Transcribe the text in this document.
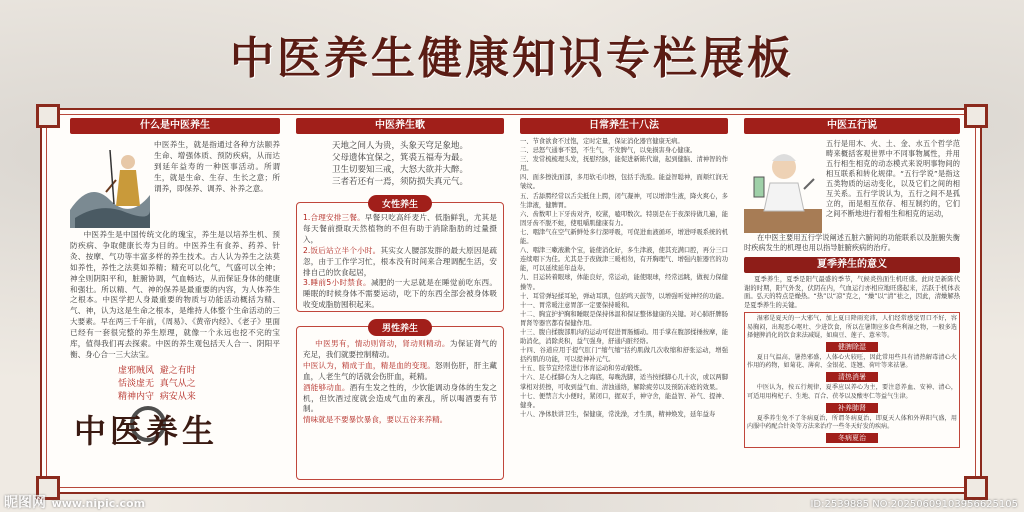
中医养生健康知识专栏展板
什么是中医养生
中医养生，就是指通过各种方法颐养生命、增强体质、预防疾病，从而达到延年益寿的一种医事活动。所谓生，就是生命、生存、生长之意；所谓养，即保养、调养、补养之意。
中医养生是中国传统文化的瑰宝，养生是以培养生机、预防疾病、争取健康长寿为目的。中医养生有食养、药养、针灸、按摩、气功等丰富多样的养生技术。古人认为养生之法莫如养性，养性之法莫如养精；精充可以化气，气盛可以全神；神全则阴阳平和，脏腑协调，气血畅达，从而保证身体的健康和强壮。所以精、气、神的保养是最重要的内容，为人体养生之根本。中医学把人身最重要的物质与功能活动概括为精、气、神，认为这是生命之根本，是维持人体整个生命活动的三大要素。早在两三千年前，《周易》、《黄帝内经》、《老子》里面已经有一套很完整的养生原理，就像一个永远也挖不完的宝库，值得我们再去探索。中医的养生观包括天人合一、阴阳平衡、身心合一三大法宝。
虚邪贼风 避之有时
恬淡虚无 真气从之
精神内守 病安从来
中医养生
中医养生歌
天地之间人为贵，头象天穹足象地。
父母遗体宜保之，箕裘五福寿为最。
卫生切要知三戒，大怒大欲并大醉。
三者若还有一焉，须防损失真元气。
女性养生
1.合理安排三餐。早餐只吃高纤麦片、低脂鲜乳，尤其是每天餐前摄取天然植物的不但有助于消除脂肪的过量摄入，
2.饭后站立半个小时。其实女人腰部发胖的最大原因是疏忽，由于工作学习忙，根本没有时间来合理调配生活，安排自己的饮食起居，
3.睡前5小时禁食。减肥的一大忌就是在睡觉前吃东西。睡眠的时候身体不需要运动，吃下的东西全部会被身体吸收变成脂肪囤积起来。
男性养生
中医男有，情动则肾动，肾动则精动。为保证肾气的充足，我们就要控制精动。
中医认为，精成于血，精是血的变现。怒则伤肝，肝主藏血，人老生气的话就会伤肝血，耗精。
酒能够动血。酒有生发之性的，少饮能调动身体的生发之机，但饮酒过度就会造成气血的紊乱，所以喝酒要有节制。
情味就是不要暴饮暴食，要以五谷来养精。
日常养生十八法
一、节食欲食不过饱，定时定量，保证消化器官健康无病。
二、忌怒气通事不怒，不生气，不发脾气，以免损害身心健康。
三、发常梳梳理头发，抚慰经脉，能促进新陈代谢，起到健脑、清神智的作用。
四、面多擦洗面部，多用软毛巾擦，包括手洗脸。能益智聪神，面颊红润无皱纹。
五、舌舔腭经常以舌尖抵住上腭，闭气凝神，可以增津生液，降火爽心，多生津液，健脾胃。
六、齿数叩上下牙齿对齐，咬紧，嗑叩数次。特别是在于夜深待做几遍，能固牙齿不脱不蛀，使咀嚼肌健康有力。
七、咽津气在空气新鲜处多行深呼吸，可促进血液循环，增进呼吸系统的机能。
八、咽津三嗽液漱个宝，能使消化好，多生津液，使其充满口腔，再分三口连续咽下为佳。尤其是于夜做津三暖相勿，有开胸理气、增强内脏器官的功能，可以延续延年益寿。
九、目运转着眼球，体能良好，常运动，能使眼球，经常远眺，做视力保健操等。
十、耳常弹轻揉耳轮，弹动耳肌，包括鸣天鼓等，以增强听觉神经的功能。
十一、胃常暖注意胃部一定要保持暖和。
十二、胸宜护护胸和睡眠是保持体温和保证整体健康的关键。对心肺肝脾肠胃肾等器官都有保健作用。
十三、腹自揉腹部肌肉的运动可促进胃肠蠕动。用手掌在腹部揉捶按摩，能助消化，消除炎积，益气强身，舒通内脏经络。
十四、谷道应用于提气肛门“缩气缩”括约肌做几次收缩和舒张运动，增强括约肌的功能，可以提神补元气。
十五、肢节宜经常进行体育运动和劳动锻炼。
十六、足心揉脚心为人之海底，每晚洗脚，适当按揉脚心几十次，或以两脚掌相对搓擦，可收到益气血、清浊通络，解除疲劳以及预防冻疮的效果。
十七、便禁言大小便时，紧闭口，握双手，神守舍，能益智、补气、提神、健身。
十八、净体肤讲卫生，保健康，常洗澡，才生肌，精神焕发，延年益寿
中医五行说
五行是用木、火、土、金、水五个哲学范畴来概括客观世界中不同事物属性，并用五行相生相克的动态模式来说明事物间的相互联系和转化规律。“五行学说”是指这五类物质的运动变化，以及它们之间的相互关系。五行学说认为，五行之间不是孤立的，而是相互依存、相互制约的，它们之间不断地进行着相生和相克的运动，
在中医主要用五行学说阐述五脏六腑间的功能联系以及脏腑失衡时疾病发生的机理也用以指导脏腑疾病的治疗。
夏季养生的意义
夏季养生，夏季是阳气最盛的季节，气候炎热面生机旺盛。此时是新陈代谢的时期，阳气外发，伏阴在内，气血运行亦相应地旺盛起来，活跃于机体表面。弘天的特点是燥热。“热”以“凉”克之，“燥”以“清”祛之，因此，清燥解热是夏季养生的关键。
湿邪是夏天的一大邪气，加上夏日降雨充沛，人们经常感觉胃口不好，容易胸闷，出现恶心呕吐、少进饮食，所以在暑期应多食些利湿之物，一般多选择健脾消化的饮食来法减疑，如扁豆、莲子、薏米等。
健脾除湿
夏日气温高，暑热邪盛，人体心火较旺，因此常用些具有清热解毒清心火作用的药物，如菊花、薄荷、金银花、连翘、荷叶等来祛暑。
清热消暑
中医认为，按五行规律，夏季应以养心为主，要注意养血、安神、清心，可适用用枸杞子、生地、百合、茯苓以及酸枣仁等益气生津。
补养肺肾
夏季养生免不了冬病夏治，所谓冬病夏治，即夏天人体和外界阳气盛，用内服中药配合针灸等方法来治疗一些冬天好发的疾病。
冬病夏治
昵图网 www.nipic.com	ID:2539885 NO:20250609103956625105
